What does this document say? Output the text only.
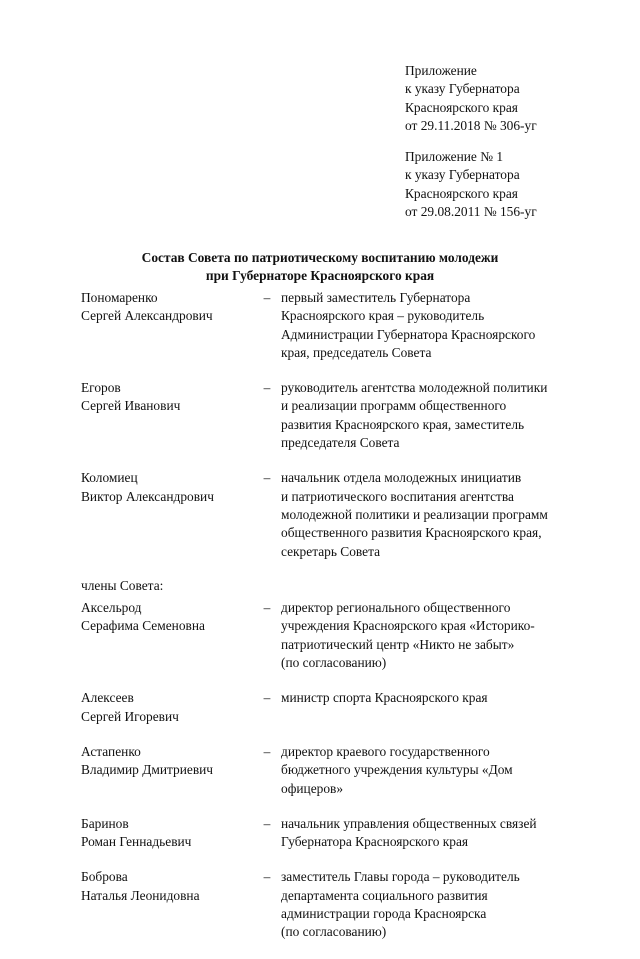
Приложение
к указу Губернатора
Красноярского края
от 29.11.2018 № 306-уг
Приложение № 1
к указу Губернатора
Красноярского края
от 29.08.2011 № 156-уг
Состав Совета по патриотическому воспитанию молодежи
при Губернаторе Красноярского края
Пономаренко
Сергей Александрович
– первый заместитель Губернатора
Красноярского края – руководитель
Администрации Губернатора Красноярского
края, председатель Совета
Егоров
Сергей Иванович
– руководитель агентства молодежной политики
и реализации программ общественного
развития Красноярского края, заместитель
председателя Совета
Коломиец
Виктор Александрович
– начальник отдела молодежных инициатив
и патриотического воспитания агентства
молодежной политики и реализации программ
общественного развития Красноярского края,
секретарь Совета
члены Совета:
Аксельрод
Серафима Семеновна
– директор регионального общественного
учреждения Красноярского края «Историко-
патриотический центр «Никто не забыт»
(по согласованию)
Алексеев
Сергей Игоревич
– министр спорта Красноярского края
Астапенко
Владимир Дмитриевич
– директор краевого государственного
бюджетного учреждения культуры «Дом
офицеров»
Баринов
Роман Геннадьевич
– начальник управления общественных связей
Губернатора Красноярского края
Боброва
Наталья Леонидовна
– заместитель Главы города – руководитель
департамента социального развития
администрации города Красноярска
(по согласованию)
